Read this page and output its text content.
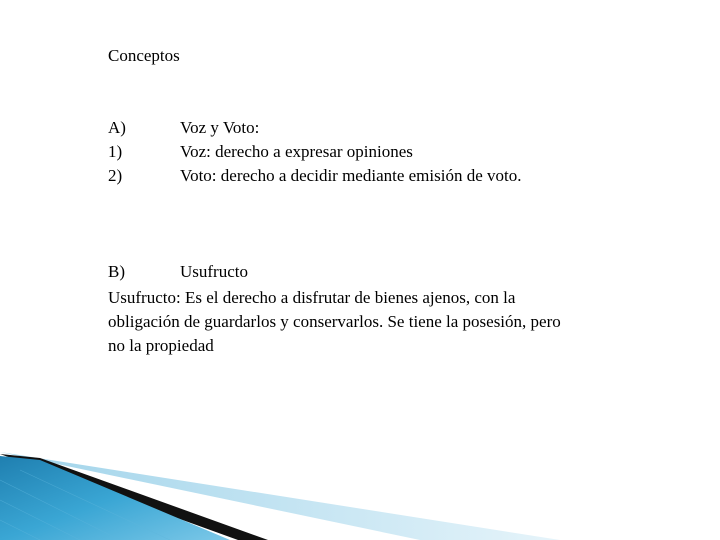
Conceptos
A)	Voz y Voto:
1)	Voz: derecho a expresar opiniones
2)	Voto: derecho a decidir mediante emisión de voto.
B)	Usufructo
Usufructo: Es el derecho a disfrutar de bienes ajenos, con la
obligación de guardarlos y conservarlos. Se tiene la posesión, pero
no la propiedad
